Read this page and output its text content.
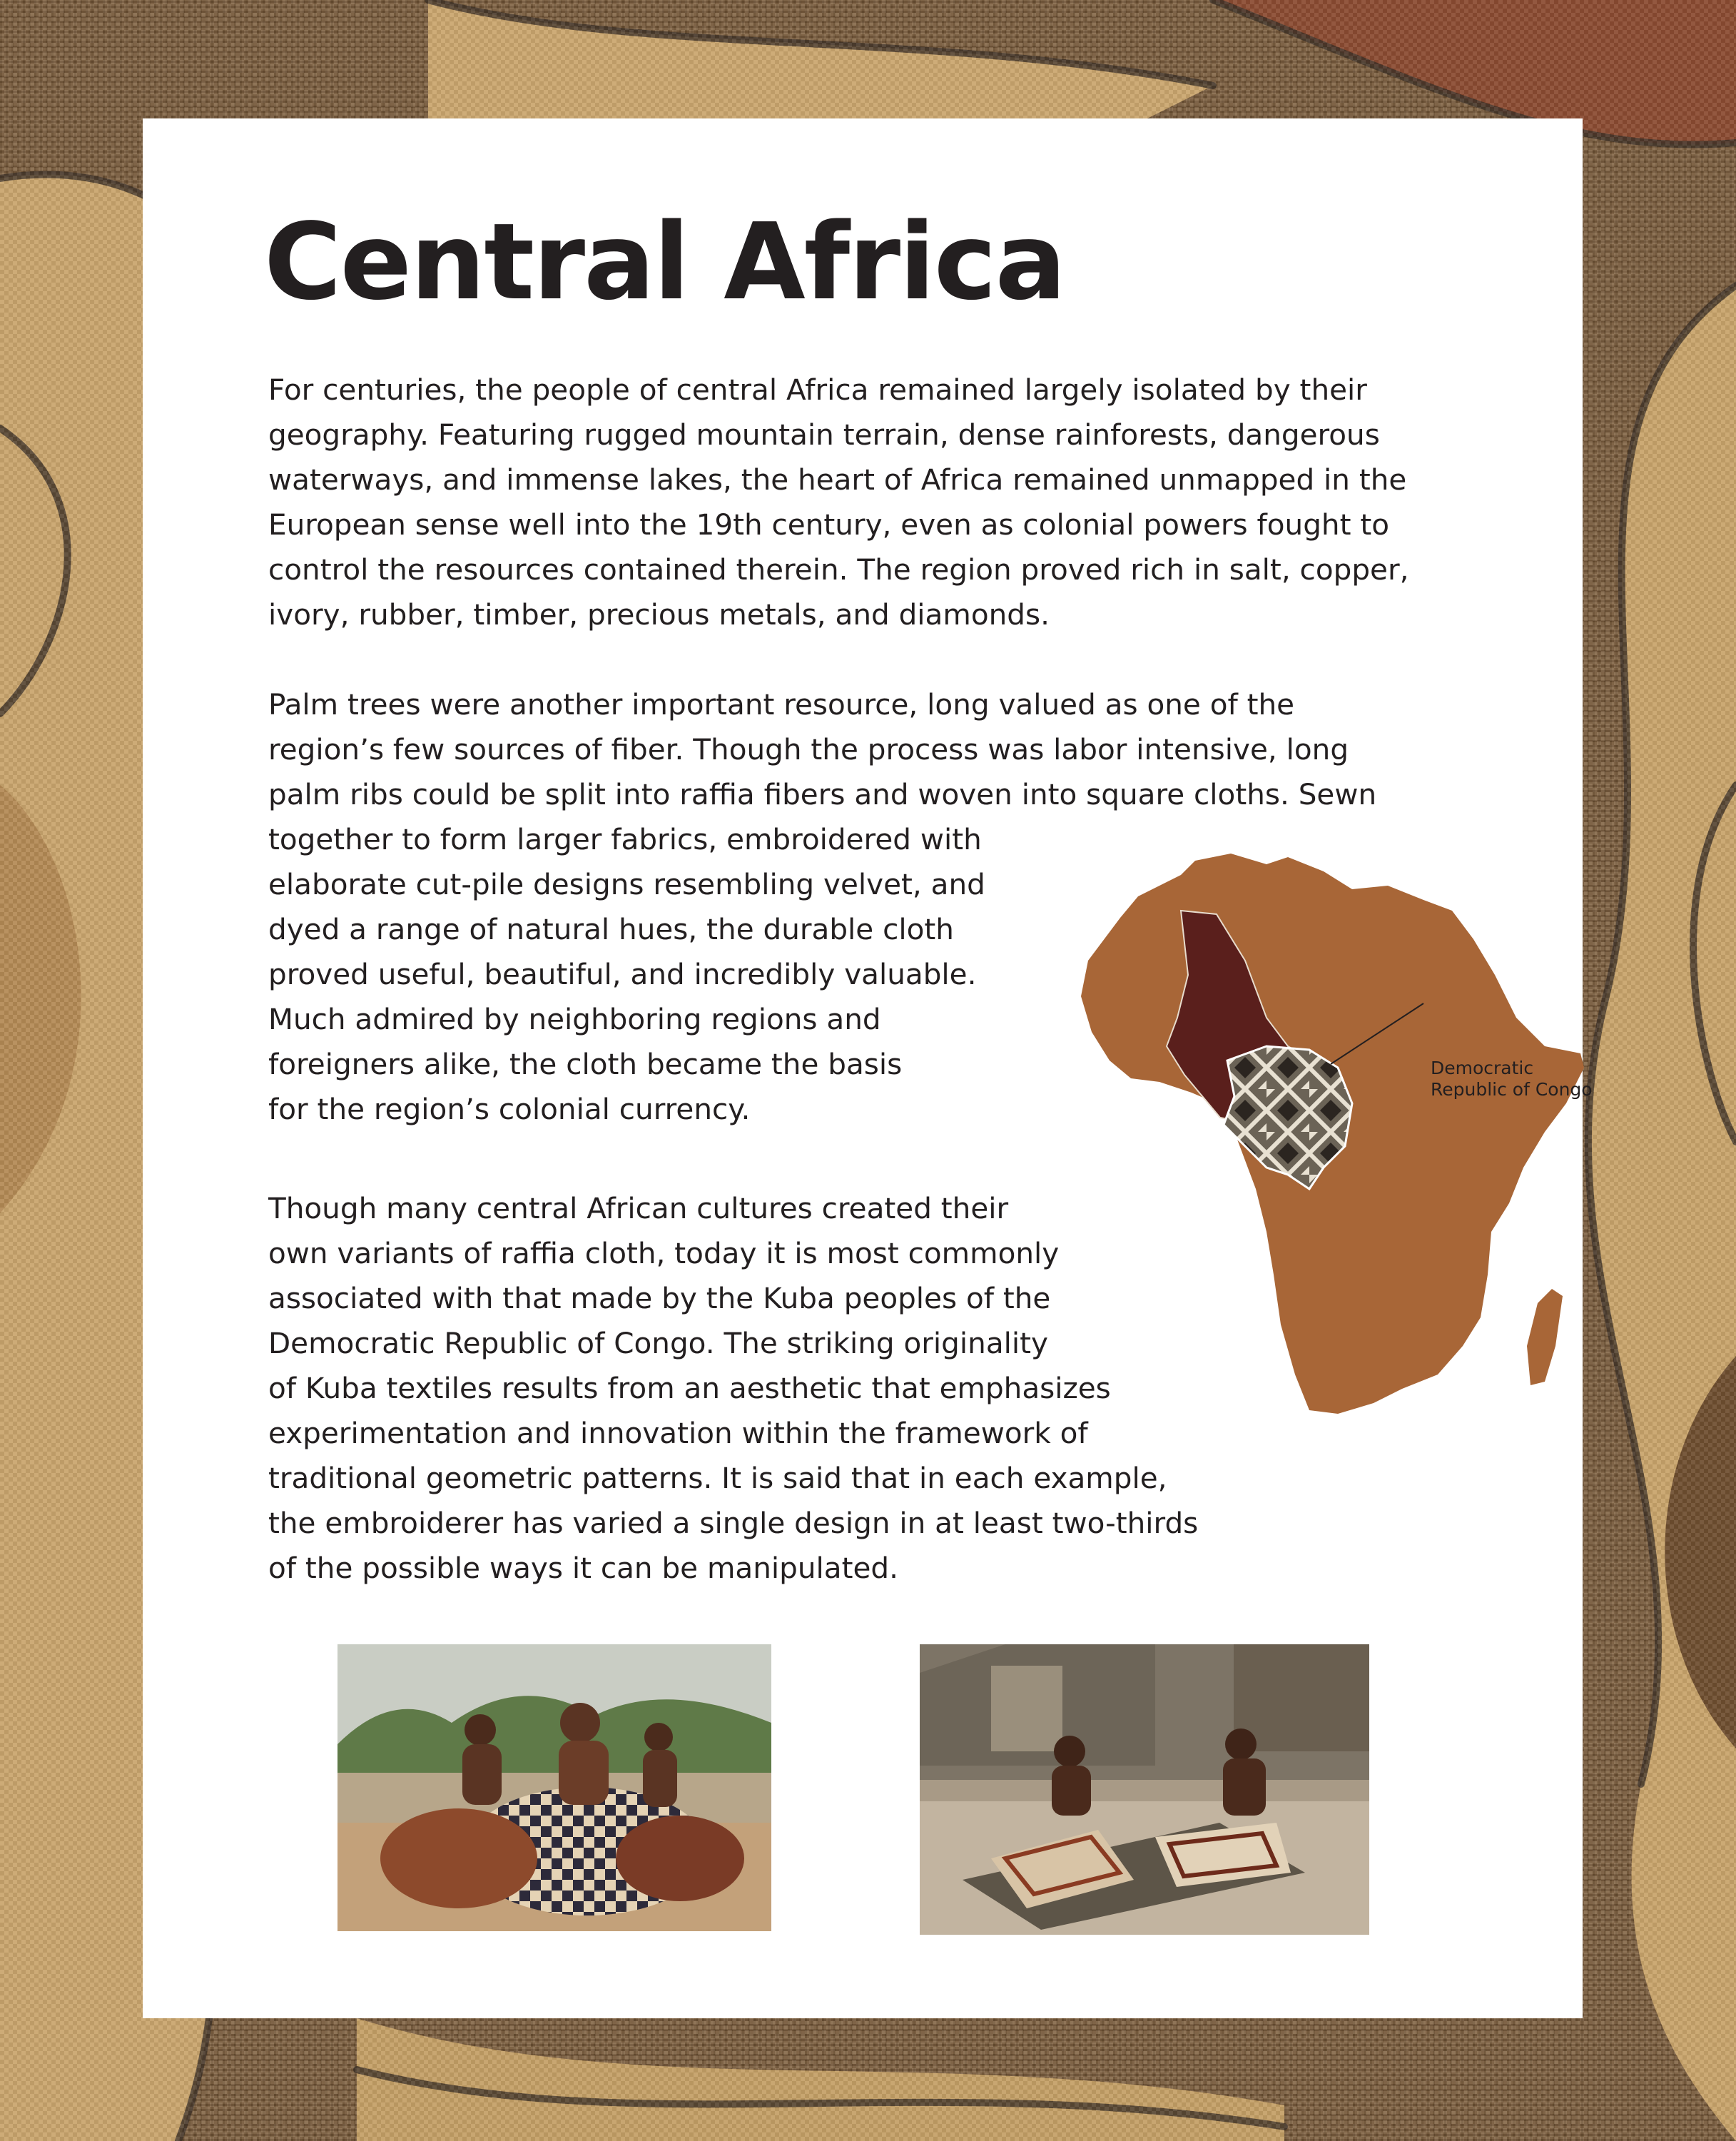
Central Africa

For centuries, the people of central Africa remained largely isolated by their
geography. Featuring rugged mountain terrain, dense rainforests, dangerous
waterways, and immense lakes, the heart of Africa remained unmapped in the
European sense well into the 19th century, even as colonial powers fought to
control the resources contained therein. The region proved rich in salt, copper,
ivory, rubber, timber, precious metals, and diamonds.

Palm trees were another important resource, long valued as one of the
region’s few sources of fiber. Though the process was labor intensive, long
palm ribs could be split into raffia fibers and woven into square cloths. Sewn
together to form larger fabrics, embroidered with
elaborate cut-pile designs resembling velvet, and
dyed a range of natural hues, the durable cloth
proved useful, beautiful, and incredibly valuable.
Much admired by neighboring regions and
foreigners alike, the cloth became the basis
for the region’s colonial currency.

Though many central African cultures created their
own variants of raffia cloth, today it is most commonly
associated with that made by the Kuba peoples of the
Democratic Republic of Congo. The striking originality
of Kuba textiles results from an aesthetic that emphasizes
experimentation and innovation within the framework of
traditional geometric patterns. It is said that in each example,
the embroiderer has varied a single design in at least two-thirds
of the possible ways it can be manipulated.

Democratic
Republic of Congo
